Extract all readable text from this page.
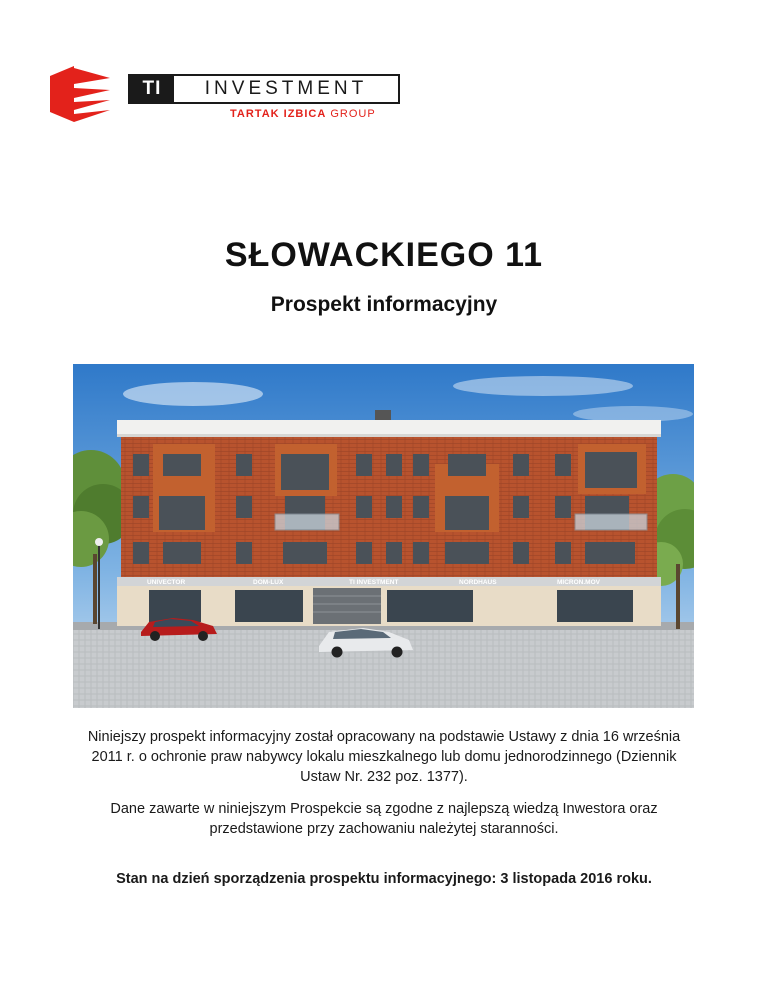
TI	INVESTMENT
TARTAK IZBICA GROUP
SŁOWACKIEGO 11
Prospekt informacyjny
UNIVECTOR	DOM-LUX	TI INVESTMENT	NORDHAUS	MICRON.MOV
Niniejszy prospekt informacyjny został opracowany na podstawie Ustawy z dnia 16 września 2011 r. o ochronie praw nabywcy lokalu mieszkalnego lub domu jednorodzinnego (Dziennik Ustaw Nr. 232 poz. 1377).
Dane zawarte w niniejszym Prospekcie są zgodne z najlepszą wiedzą Inwestora oraz przedstawione przy zachowaniu należytej staranności.
Stan na dzień sporządzenia prospektu informacyjnego: 3 listopada 2016 roku.
